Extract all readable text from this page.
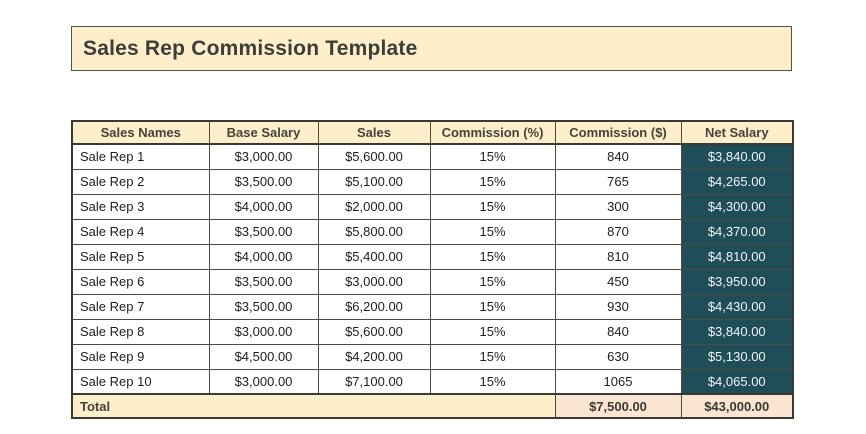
Sales Rep Commission Template
Sales Names	Base Salary	Sales	Commission (%)	Commission ($)	Net Salary
Sale Rep 1	$3,000.00	$5,600.00	15%	840	$3,840.00
Sale Rep 2	$3,500.00	$5,100.00	15%	765	$4,265.00
Sale Rep 3	$4,000.00	$2,000.00	15%	300	$4,300.00
Sale Rep 4	$3,500.00	$5,800.00	15%	870	$4,370.00
Sale Rep 5	$4,000.00	$5,400.00	15%	810	$4,810.00
Sale Rep 6	$3,500.00	$3,000.00	15%	450	$3,950.00
Sale Rep 7	$3,500.00	$6,200.00	15%	930	$4,430.00
Sale Rep 8	$3,000.00	$5,600.00	15%	840	$3,840.00
Sale Rep 9	$4,500.00	$4,200.00	15%	630	$5,130.00
Sale Rep 10	$3,000.00	$7,100.00	15%	1065	$4,065.00
Total				$7,500.00	$43,000.00
